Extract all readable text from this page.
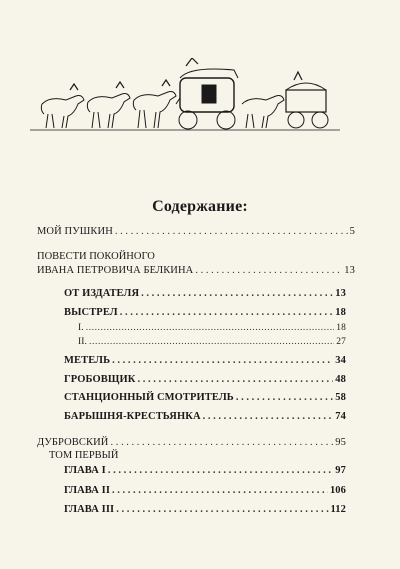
Содержание:
МОЙ ПУШКИН . . .	5
ПОВЕСТИ ПОКОЙНОГО
ИВАНА ПЕТРОВИЧА БЕЛКИНА . . .	13
ОТ ИЗДАТЕЛЯ . . .	13
ВЫСТРЕЛ . . .	18
I. .....	18
II. .....	27
МЕТЕЛЬ . . .	34
ГРОБОВЩИК . . .	48
СТАНЦИОННЫЙ СМОТРИТЕЛЬ . . .	58
БАРЫШНЯ-КРЕСТЬЯНКА . . .	74
ДУБРОВСКИЙ . . .	95
ТОМ ПЕРВЫЙ
ГЛАВА I . . .	97
ГЛАВА II . . .	106
ГЛАВА III . . .	112
